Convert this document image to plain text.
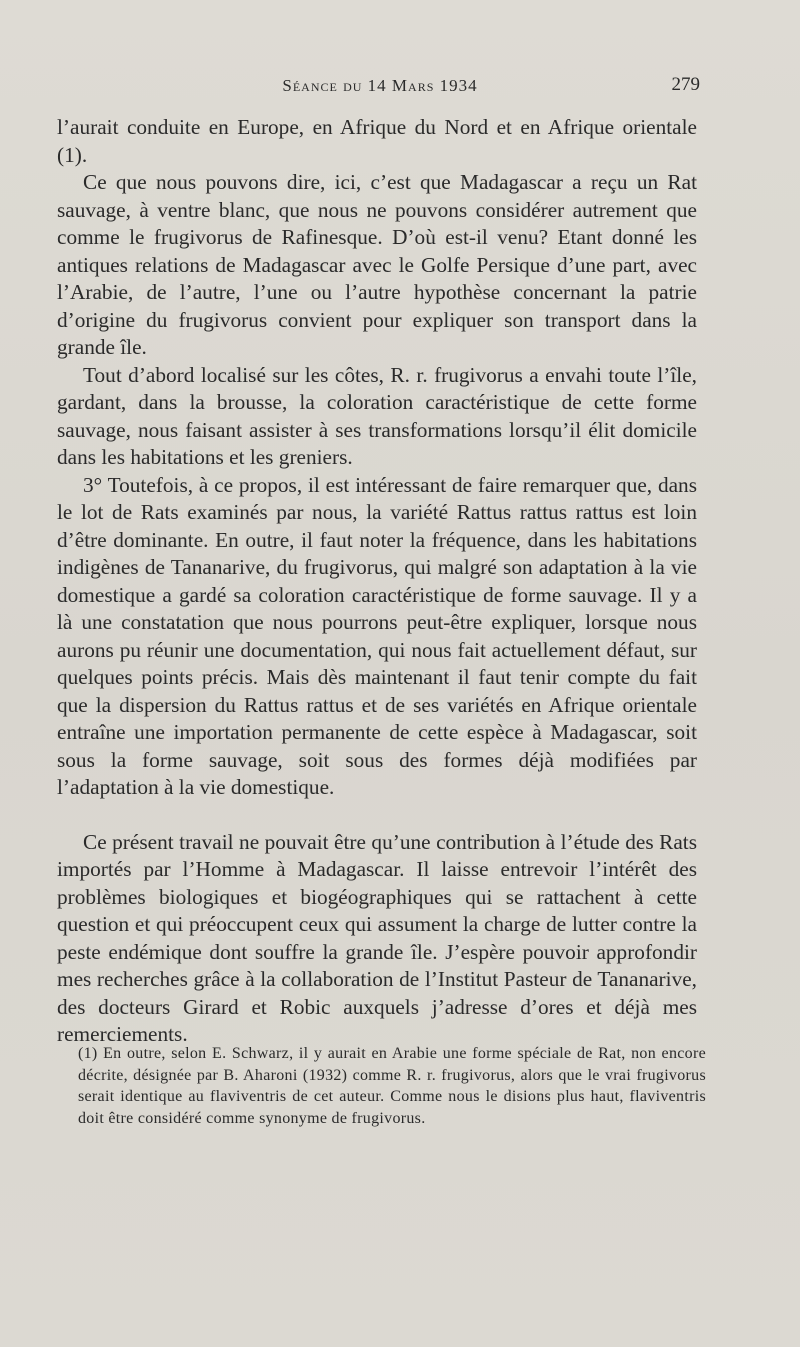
Séance du 14 Mars 1934	279

l’aurait conduite en Europe, en Afrique du Nord et en Afrique orientale (1).

Ce que nous pouvons dire, ici, c’est que Madagascar a reçu un Rat sauvage, à ventre blanc, que nous ne pouvons considérer autrement que comme le frugivorus de Rafinesque. D’où est-il venu? Etant donné les antiques relations de Madagascar avec le Golfe Persique d’une part, avec l’Arabie, de l’autre, l’une ou l’autre hypothèse concernant la patrie d’origine du frugivorus convient pour expliquer son transport dans la grande île.

Tout d’abord localisé sur les côtes, R. r. frugivorus a envahi toute l’île, gardant, dans la brousse, la coloration caractéristique de cette forme sauvage, nous faisant assister à ses transformations lorsqu’il élit domicile dans les habitations et les greniers.

3° Toutefois, à ce propos, il est intéressant de faire remarquer que, dans le lot de Rats examinés par nous, la variété Rattus rattus rattus est loin d’être dominante. En outre, il faut noter la fréquence, dans les habitations indigènes de Tananarive, du frugivorus, qui malgré son adaptation à la vie domestique a gardé sa coloration caractéristique de forme sauvage. Il y a là une constatation que nous pourrons peut-être expliquer, lorsque nous aurons pu réunir une documentation, qui nous fait actuellement défaut, sur quelques points précis. Mais dès maintenant il faut tenir compte du fait que la dispersion du Rattus rattus et de ses variétés en Afrique orientale entraîne une importation permanente de cette espèce à Madagascar, soit sous la forme sauvage, soit sous des formes déjà modifiées par l’adaptation à la vie domestique.

Ce présent travail ne pouvait être qu’une contribution à l’étude des Rats importés par l’Homme à Madagascar. Il laisse entrevoir l’intérêt des problèmes biologiques et biogéographiques qui se rattachent à cette question et qui préoccupent ceux qui assument la charge de lutter contre la peste endémique dont souffre la grande île. J’espère pouvoir approfondir mes recherches grâce à la collaboration de l’Institut Pasteur de Tananarive, des docteurs Girard et Robic auxquels j’adresse d’ores et déjà mes remerciements.

(1) En outre, selon E. Schwarz, il y aurait en Arabie une forme spéciale de Rat, non encore décrite, désignée par B. Aharoni (1932) comme R. r. frugivorus, alors que le vrai frugivorus serait identique au flaviventris de cet auteur. Comme nous le disions plus haut, flaviventris doit être considéré comme synonyme de frugivorus.
